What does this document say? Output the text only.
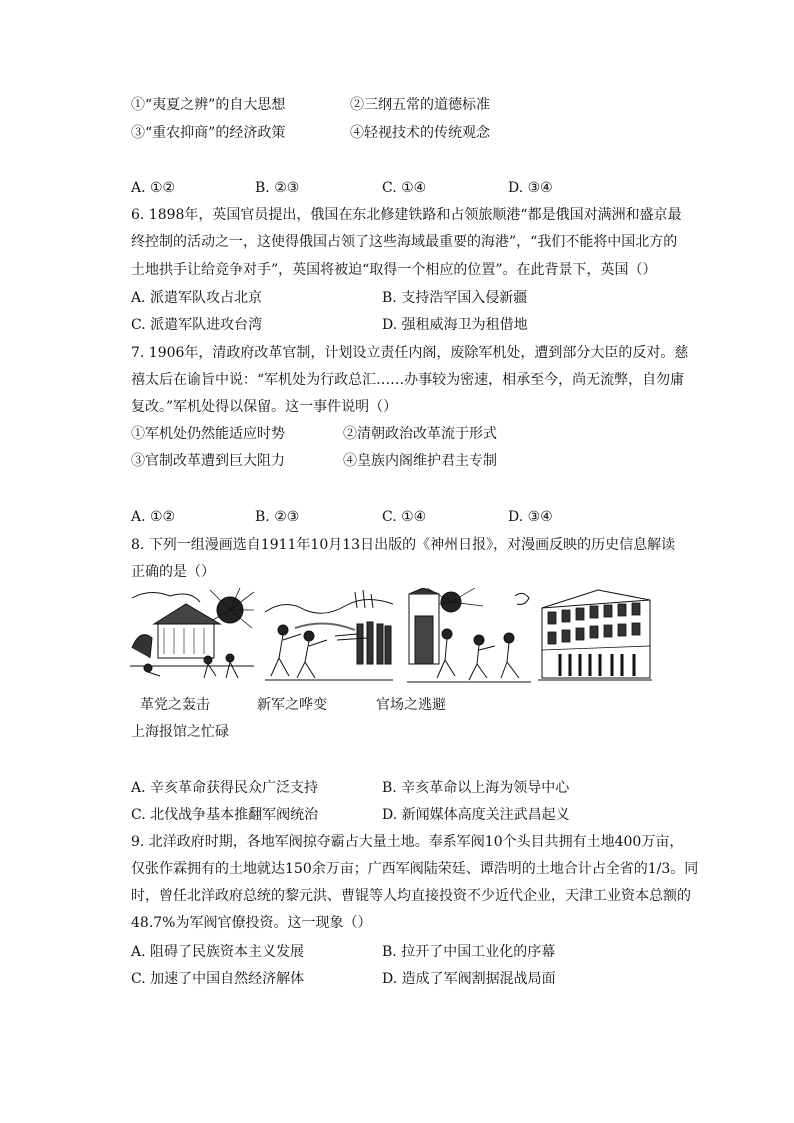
①“夷夏之辨”的自大思想	②三纲五常的道德标准
③“重农抑商”的经济政策	④轻视技术的传统观念
A. ①②	B. ②③	C. ①④	D. ③④
6. 1898年，英国官员提出，俄国在东北修建铁路和占领旅顺港“都是俄国对满洲和盛京最
终控制的活动之一，这使得俄国占领了这些海域最重要的海港”，“我们不能将中国北方的
土地拱手让给竞争对手”，英国将被迫“取得一个相应的位置”。在此背景下，英国（）
A. 派遣军队攻占北京	B. 支持浩罕国入侵新疆
C. 派遣军队进攻台湾	D. 强租威海卫为租借地
7. 1906年，清政府改革官制，计划设立责任内阁，废除军机处，遭到部分大臣的反对。慈
禧太后在谕旨中说：“军机处为行政总汇……办事较为密速，相承至今，尚无流弊，自勿庸
复改。”军机处得以保留。这一事件说明（）
①军机处仍然能适应时势	②清朝政治改革流于形式
③官制改革遭到巨大阻力	④皇族内阁维护君主专制
A. ①②	B. ②③	C. ①④	D. ③④
8. 下列一组漫画选自1911年10月13日出版的《神州日报》，对漫画反映的历史信息解读
正确的是（）
革党之轰击	新军之哗变	官场之逃避
上海报馆之忙碌
A. 辛亥革命获得民众广泛支持	B. 辛亥革命以上海为领导中心
C. 北伐战争基本推翻军阀统治	D. 新闻媒体高度关注武昌起义
9. 北洋政府时期，各地军阀掠夺霸占大量土地。奉系军阀10个头目共拥有土地400万亩，
仅张作霖拥有的土地就达150余万亩；广西军阀陆荣廷、谭浩明的土地合计占全省的1/3。同
时，曾任北洋政府总统的黎元洪、曹锟等人均直接投资不少近代企业，天津工业资本总额的
48.7%为军阀官僚投资。这一现象（）
A. 阻碍了民族资本主义发展	B. 拉开了中国工业化的序幕
C. 加速了中国自然经济解体	D. 造成了军阀割据混战局面
